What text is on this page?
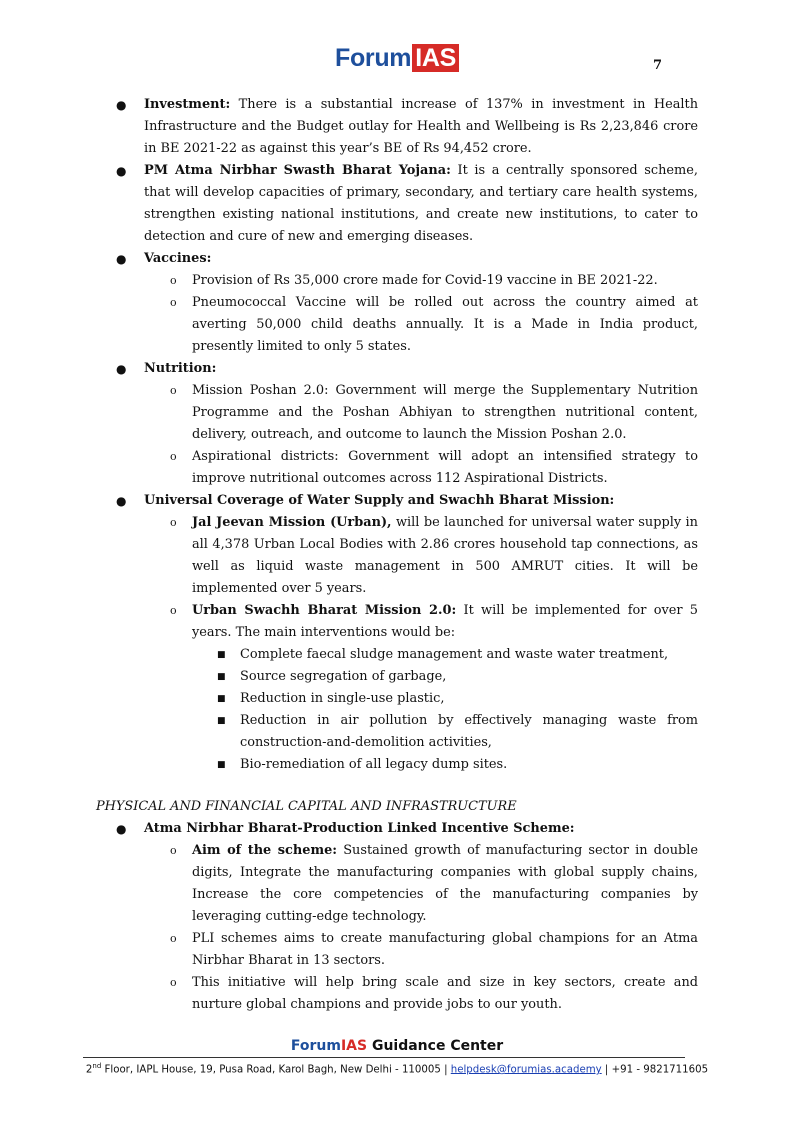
Forum IAS	7
● Investment: There is a substantial increase of 137% in investment in Health Infrastructure and the Budget outlay for Health and Wellbeing is Rs 2,23,846 crore in BE 2021-22 as against this year’s BE of Rs 94,452 crore.
● PM Atma Nirbhar Swasth Bharat Yojana: It is a centrally sponsored scheme, that will develop capacities of primary, secondary, and tertiary care health systems, strengthen existing national institutions, and create new institutions, to cater to detection and cure of new and emerging diseases.
● Vaccines:
o Provision of Rs 35,000 crore made for Covid-19 vaccine in BE 2021-22.
o Pneumococcal Vaccine will be rolled out across the country aimed at averting 50,000 child deaths annually. It is a Made in India product, presently limited to only 5 states.
● Nutrition:
o Mission Poshan 2.0: Government will merge the Supplementary Nutrition Programme and the Poshan Abhiyan to strengthen nutritional content, delivery, outreach, and outcome to launch the Mission Poshan 2.0.
o Aspirational districts: Government will adopt an intensified strategy to improve nutritional outcomes across 112 Aspirational Districts.
● Universal Coverage of Water Supply and Swachh Bharat Mission:
o Jal Jeevan Mission (Urban), will be launched for universal water supply in all 4,378 Urban Local Bodies with 2.86 crores household tap connections, as well as liquid waste management in 500 AMRUT cities. It will be implemented over 5 years.
o Urban Swachh Bharat Mission 2.0: It will be implemented for over 5 years. The main interventions would be:
■ Complete faecal sludge management and waste water treatment,
■ Source segregation of garbage,
■ Reduction in single-use plastic,
■ Reduction in air pollution by effectively managing waste from construction-and-demolition activities,
■ Bio-remediation of all legacy dump sites.
PHYSICAL AND FINANCIAL CAPITAL AND INFRASTRUCTURE
● Atma Nirbhar Bharat-Production Linked Incentive Scheme:
o Aim of the scheme: Sustained growth of manufacturing sector in double digits, Integrate the manufacturing companies with global supply chains, Increase the core competencies of the manufacturing companies by leveraging cutting-edge technology.
o PLI schemes aims to create manufacturing global champions for an Atma Nirbhar Bharat in 13 sectors.
o This initiative will help bring scale and size in key sectors, create and nurture global champions and provide jobs to our youth.
ForumIAS Guidance Center
2nd Floor, IAPL House, 19, Pusa Road, Karol Bagh, New Delhi - 110005 | helpdesk@forumias.academy | +91 - 9821711605
